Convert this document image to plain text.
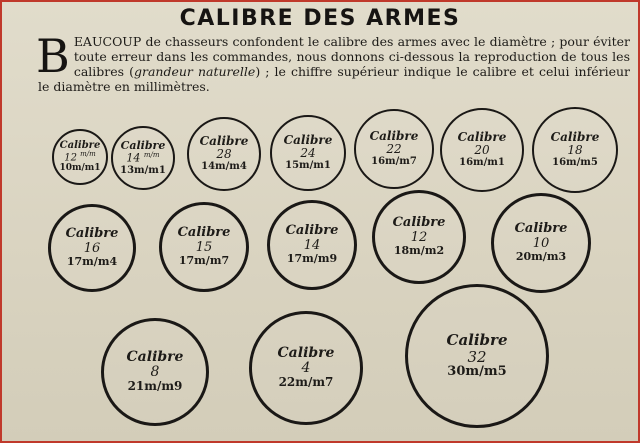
CALIBRE DES ARMES
BEAUCOUP de chasseurs confondent le calibre des armes avec le diamètre ; pour éviter toute erreur dans les commandes, nous donnons ci-dessous la reproduction de tous les calibres (grandeur naturelle) ; le chiffre supérieur indique le calibre et celui inférieur le diamètre en millimètres.
Calibre
12 $^{m/m}$
10m/m1
Calibre
14 $^{m/m}$
13m/m1
Calibre
28
14m/m4
Calibre
24
15m/m1
Calibre
22
16m/m7
Calibre
20
16m/m1
Calibre
18
16m/m5
Calibre
16
17m/m4
Calibre
15
17m/m7
Calibre
14
17m/m9
Calibre
12
18m/m2
Calibre
10
20m/m3
Calibre
8
21m/m9
Calibre
4
22m/m7
Calibre
32
30m/m5
